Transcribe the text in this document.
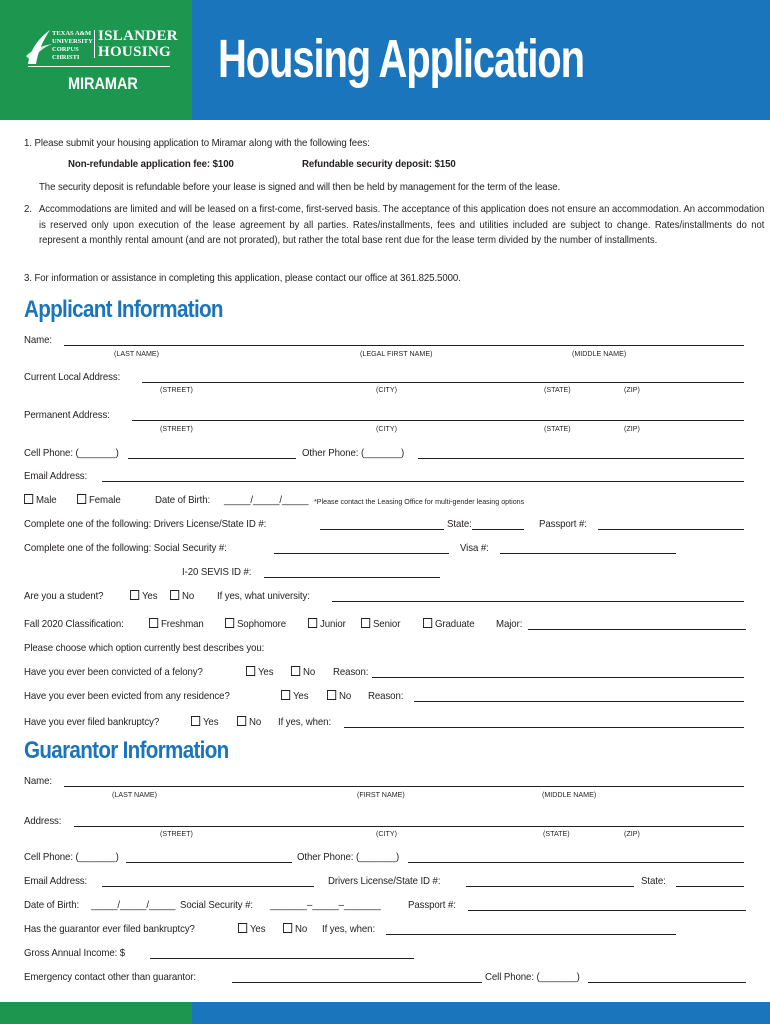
TEXAS A&M UNIVERSITY CORPUS CHRISTI
ISLANDER
HOUSING
MIRAMAR Housing Application
1. Please submit your housing application to Miramar along with the following fees:
Non-refundable application fee: $100	Refundable security deposit: $150
The security deposit is refundable before your lease is signed and will then be held by management for the term of the lease.
2. Accommodations are limited and will be leased on a first-come, first-served basis. The acceptance of this application does not ensure an accommodation. An accommodation is reserved only upon execution of the lease agreement by all parties. Rates/installments, fees and utilities included are subject to change. Rates/installments do not represent a monthly rental amount (and are not prorated), but rather the total base rent due for the lease term divided by the number of installments.
3. For information or assistance in completing this application, please contact our office at 361.825.5000.
Applicant Information
Name:
(LAST NAME)	(LEGAL FIRST NAME)	(MIDDLE NAME)
Current Local Address:
(STREET)	(CITY)	(STATE)	(ZIP)
Permanent Address:
(STREET)	(CITY)	(STATE)	(ZIP)
Cell Phone: (_______)	Other Phone: (_______)
Email Address:
Male	Female	Date of Birth: _____/_____/_____ *Please contact the Leasing Office for multi-gender leasing options
Complete one of the following: Drivers License/State ID #:	State:	Passport #:
Complete one of the following: Social Security #:	Visa #:
I-20 SEVIS ID #:
Are you a student?	Yes	No If yes, what university:
Fall 2020 Classification:	Freshman	Sophomore	Junior	Senior	Graduate Major:
Please choose which option currently best describes you:
Have you ever been convicted of a felony?	Yes	No Reason:
Have you ever been evicted from any residence?	Yes	No Reason:
Have you ever filed bankruptcy?	Yes	No If yes, when:
Guarantor Information
Name:
(LAST NAME)	(FIRST NAME)	(MIDDLE NAME)
Address:
(STREET)	(CITY)	(STATE)	(ZIP)
Cell Phone: (_______)	Other Phone: (_______)
Email Address:	Drivers License/State ID #:	State:
Date of Birth: _____/_____/_____ Social Security #: _______–_____–_______	Passport #:
Has the guarantor ever filed bankruptcy?	Yes	No If yes, when:
Gross Annual Income: $
Emergency contact other than guarantor:	Cell Phone: (_______)
